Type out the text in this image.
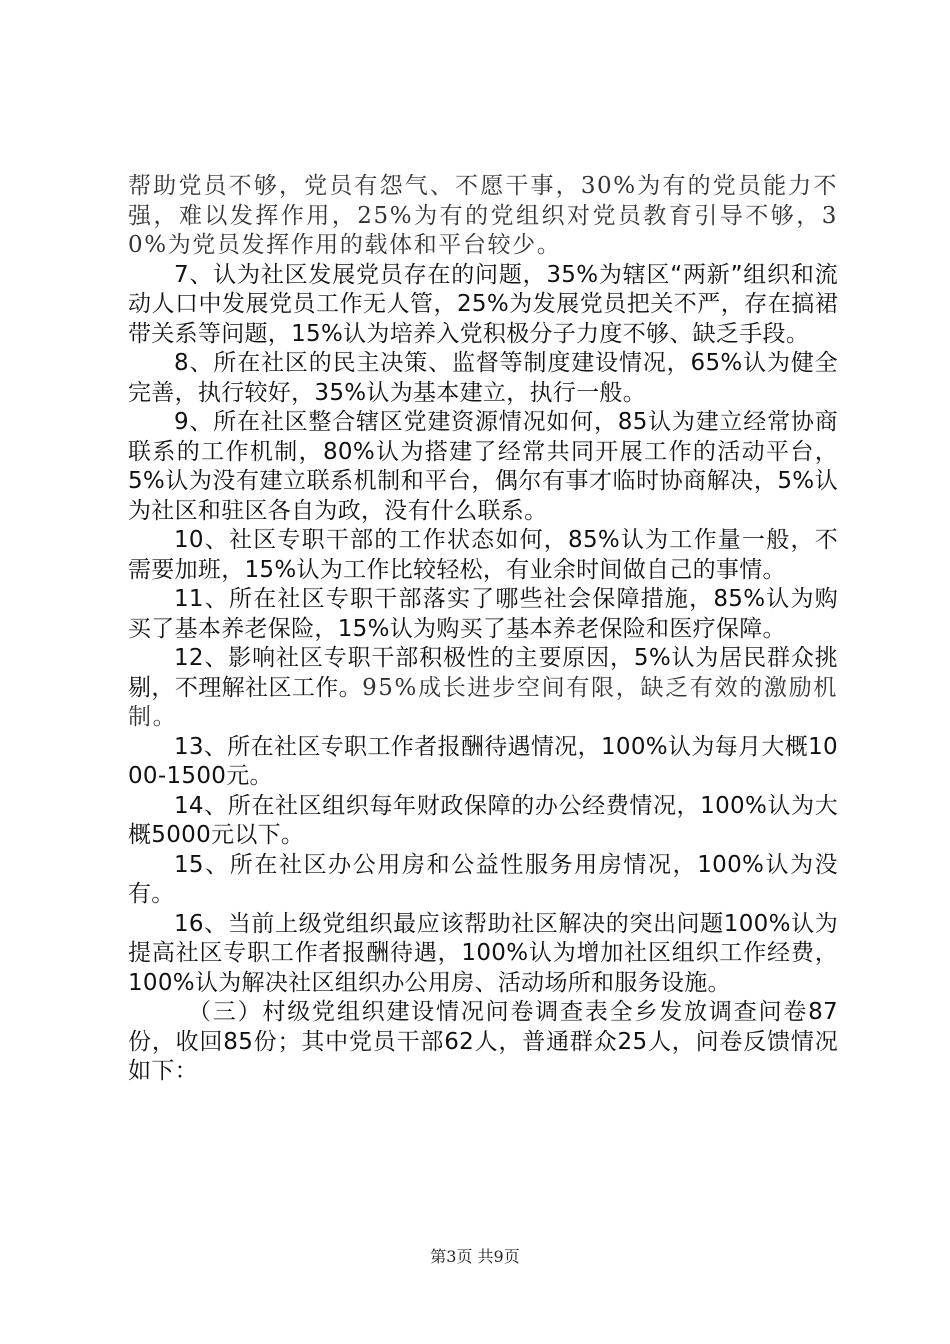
帮助党员不够，党员有怨气、不愿干事，30%为有的党员能力不强，难以发挥作用，25%为有的党组织对党员教育引导不够，30%为党员发挥作用的载体和平台较少。

7、认为社区发展党员存在的问题，35%为辖区“两新”组织和流动人口中发展党员工作无人管，25%为发展党员把关不严，存在搞裙带关系等问题，15%认为培养入党积极分子力度不够、缺乏手段。

8、所在社区的民主决策、监督等制度建设情况，65%认为健全完善，执行较好，35%认为基本建立，执行一般。

9、所在社区整合辖区党建资源情况如何，85认为建立经常协商联系的工作机制，80%认为搭建了经常共同开展工作的活动平台，5%认为没有建立联系机制和平台，偶尔有事才临时协商解决，5%认为社区和驻区各自为政，没有什么联系。

10、社区专职干部的工作状态如何，85%认为工作量一般，不需要加班，15%认为工作比较轻松，有业余时间做自己的事情。

11、所在社区专职干部落实了哪些社会保障措施，85%认为购买了基本养老保险，15%认为购买了基本养老保险和医疗保障。

12、影响社区专职干部积极性的主要原因，5%认为居民群众挑剔，不理解社区工作。95%成长进步空间有限，缺乏有效的激励机制。

13、所在社区专职工作者报酬待遇情况，100%认为每月大概1000-1500元。

14、所在社区组织每年财政保障的办公经费情况，100%认为大概5000元以下。

15、所在社区办公用房和公益性服务用房情况，100%认为没有。

16、当前上级党组织最应该帮助社区解决的突出问题100%认为提高社区专职工作者报酬待遇，100%认为增加社区组织工作经费，100%认为解决社区组织办公用房、活动场所和服务设施。

（三）村级党组织建设情况问卷调查表全乡发放调查问卷87份，收回85份；其中党员干部62人，普通群众25人，问卷反馈情况如下：

第3页 共9页
